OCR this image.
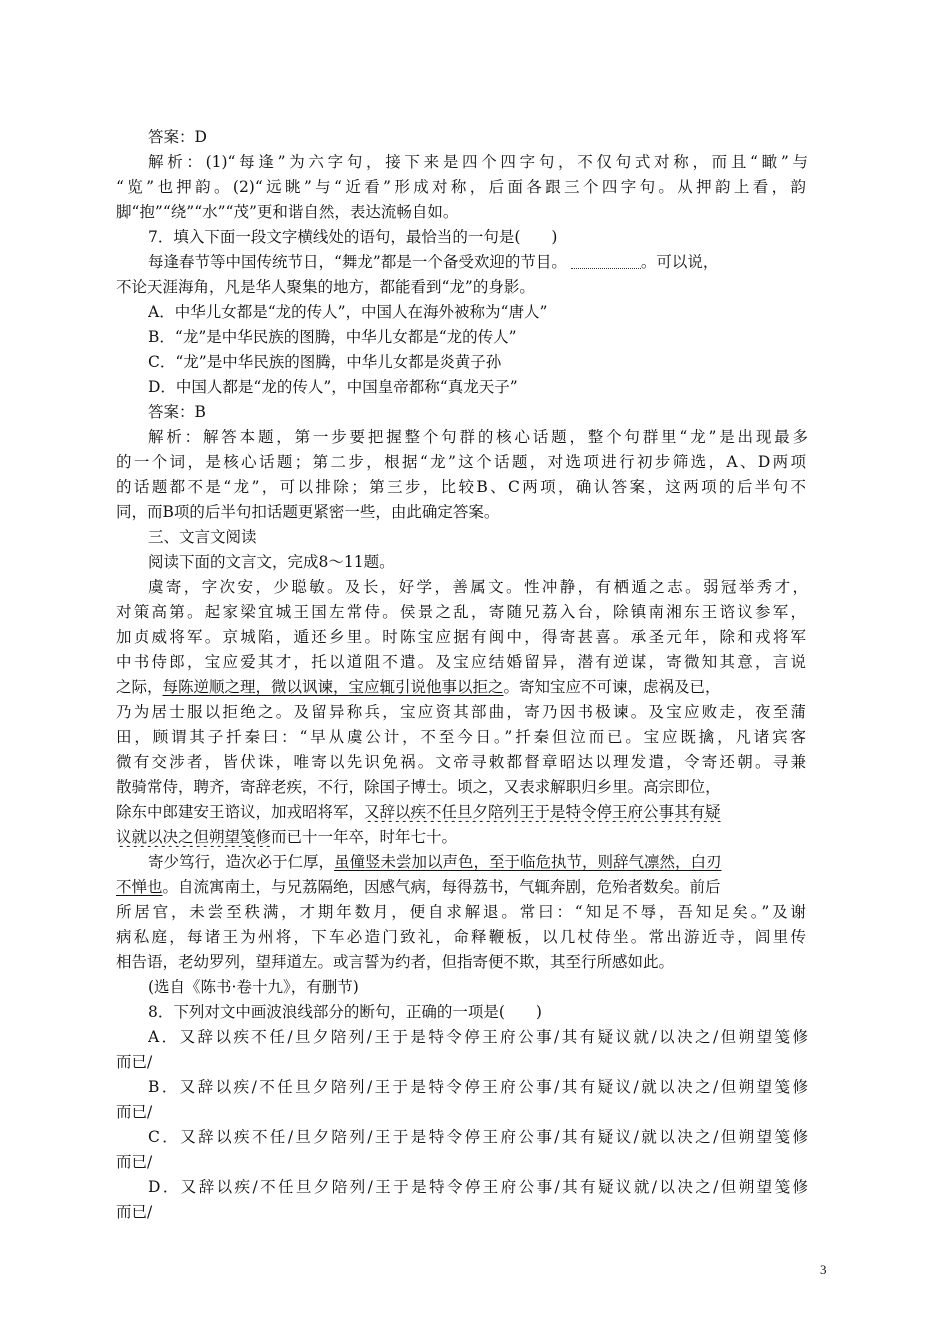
答案：D
解析：(1)“每逢”为六字句，接下来是四个四字句，不仅句式对称，而且“瞰”与
“览”也押韵。(2)“远眺”与“近看”形成对称，后面各跟三个四字句。从押韵上看，韵
脚“抱”“绕”“水”“茂”更和谐自然，表达流畅自如。
7．填入下面一段文字横线处的语句，最恰当的一句是(　　)
每逢春节等中国传统节日，“舞龙”都是一个备受欢迎的节目。	。可以说，
不论天涯海角，凡是华人聚集的地方，都能看到“龙”的身影。
A．中华儿女都是“龙的传人”，中国人在海外被称为“唐人”
B．“龙”是中华民族的图腾，中华儿女都是“龙的传人”
C．“龙”是中华民族的图腾，中华儿女都是炎黄子孙
D．中国人都是“龙的传人”，中国皇帝都称“真龙天子”
答案：B
解析：解答本题，第一步要把握整个句群的核心话题，整个句群里“龙”是出现最多
的一个词，是核心话题；第二步，根据“龙”这个话题，对选项进行初步筛选，A、D两项
的话题都不是“龙”，可以排除；第三步，比较B、C两项，确认答案，这两项的后半句不
同，而B项的后半句扣话题更紧密一些，由此确定答案。
三、文言文阅读
阅读下面的文言文，完成8～11题。
虞寄，字次安，少聪敏。及长，好学，善属文。性冲静，有栖遁之志。弱冠举秀才，
对策高第。起家梁宜城王国左常侍。侯景之乱，寄随兄荔入台，除镇南湘东王谘议参军，
加贞威将军。京城陷，遁还乡里。时陈宝应据有闽中，得寄甚喜。承圣元年，除和戎将军
中书侍郎，宝应爱其才，托以道阻不遣。及宝应结婚留异，潜有逆谋，寄微知其意，言说
之际，每陈逆顺之理，微以讽谏，宝应辄引说他事以拒之。寄知宝应不可谏，虑祸及已，
乃为居士服以拒绝之。及留异称兵，宝应资其部曲，寄乃因书极谏。及宝应败走，夜至蒲
田，顾谓其子扦秦曰：“早从虞公计，不至今日。”扦秦但泣而已。宝应既擒，凡诸宾客
微有交涉者，皆伏诛，唯寄以先识免祸。文帝寻敕都督章昭达以理发遣，令寄还朝。寻兼
散骑常侍，聘齐，寄辞老疾，不行，除国子博士。顷之，又表求解职归乡里。高宗即位，
除东中郎建安王谘议，加戎昭将军，又辞以疾不任旦夕陪列王于是特令停王府公事其有疑
议就以决之但朔望笺修而已十一年卒，时年七十。
寄少笃行，造次必于仁厚，虽僮竖未尝加以声色，至于临危执节，则辞气凛然，白刃
不惮也。自流寓南土，与兄荔隔绝，因感气病，每得荔书，气辄奔剧，危殆者数矣。前后
所居官，未尝至秩满，才期年数月，便自求解退。常曰：“知足不辱，吾知足矣。”及谢
病私庭，每诸王为州将，下车必造门致礼，命释鞭板，以几杖侍坐。常出游近寺，闾里传
相告语，老幼罗列，望拜道左。或言誓为约者，但指寄便不欺，其至行所感如此。
(选自《陈书·卷十九》，有删节)
8．下列对文中画波浪线部分的断句，正确的一项是(　　)
A．又辞以疾不任/旦夕陪列/王于是特令停王府公事/其有疑议就/以决之/但朔望笺修
而已/
B．又辞以疾/不任旦夕陪列/王于是特令停王府公事/其有疑议/就以决之/但朔望笺修
而已/
C．又辞以疾不任/旦夕陪列/王于是特令停王府公事/其有疑议/就以决之/但朔望笺修
而已/
D．又辞以疾/不任旦夕陪列/王于是特令停王府公事/其有疑议就/以决之/但朔望笺修
而已/
3
